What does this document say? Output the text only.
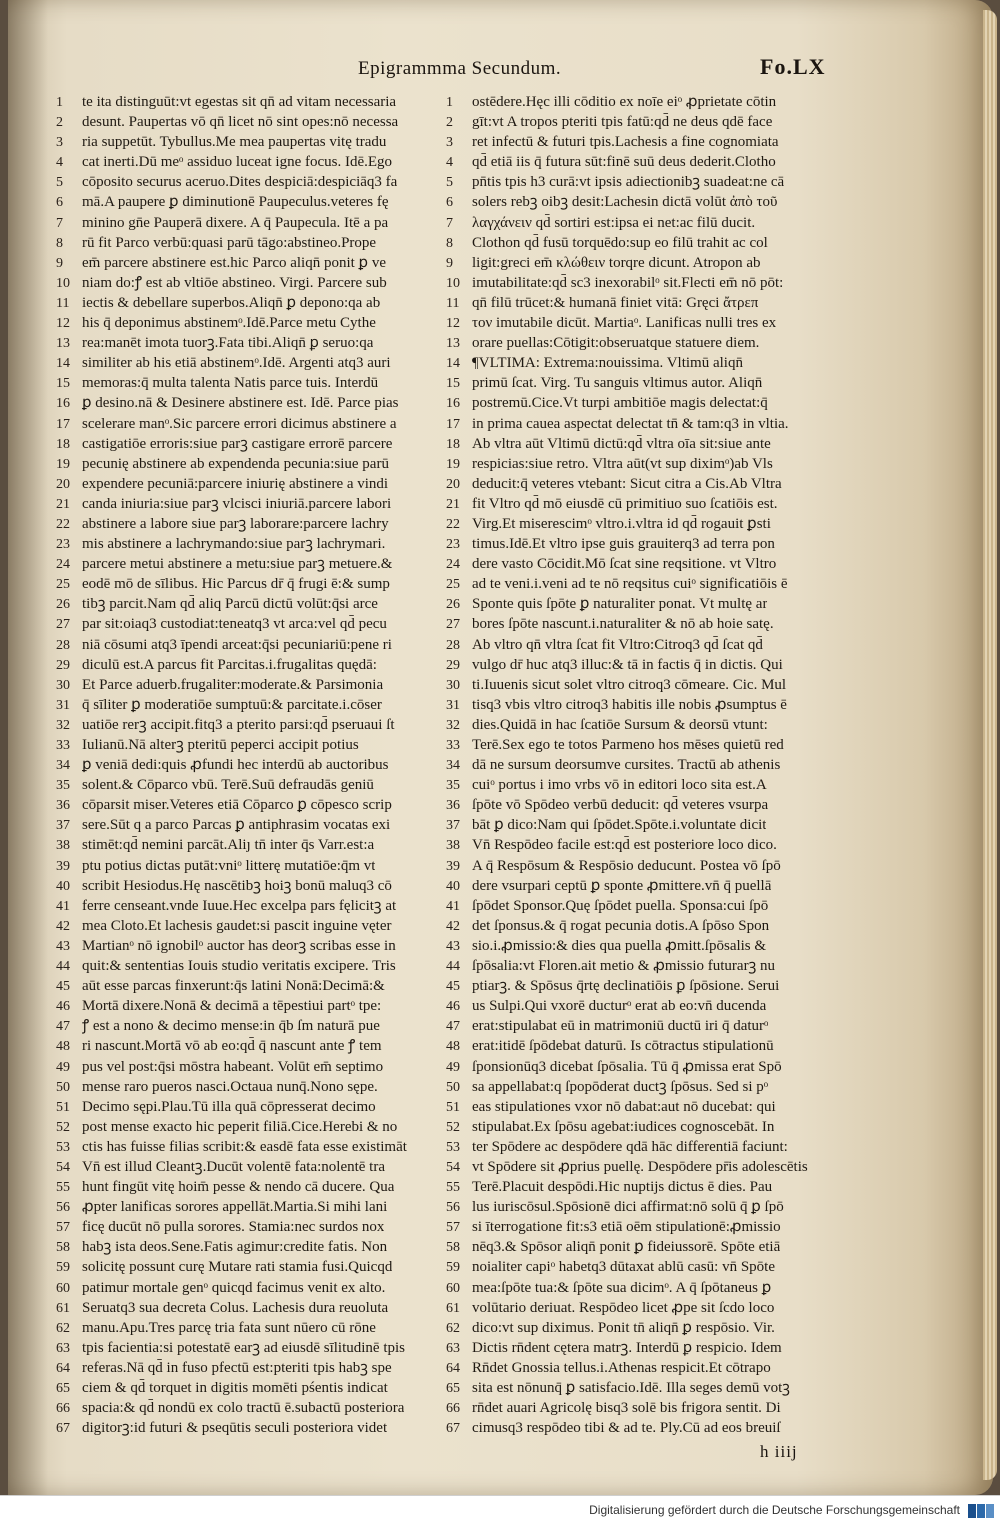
Epigrammma Secundum.	Fo.LX
1	te ita distinguūt:vt egestas sit qn̄ ad vitam necessaria
2	desunt. Paupertas vō qn̄ licet nō sint opes:nō necessa
3	ria suppetūt. Tybullus.Me mea paupertas vitę tradu
4	cat inerti.Dū meᵒ assiduo luceat igne focus. Idē.Ego
5	cōposito securus aceruo.Dites despiciā:despiciāq3 fa
6	mā.A paupere ꝑ diminutionē Paupeculus.veteres fę
7	minino gn̄e Pauperā dixere. A q̄ Paupecula. Itē a pa
8	rū fit Parco verbū:quasi parū tāgo:abstineo.Prope
9	em̄ parcere abstinere est.hic Parco aliqn̄ ponit ꝑ ve
10 niam do:ꝭ est ab vltiōe abstineo. Virgi. Parcere sub
11 iectis & debellare superbos.Aliqn̄ ꝑ depono:qa ab
12 his q̄ deponimus abstinemᵒ.Idē.Parce metu Cythe
13 rea:manēt imota tuorꝫ.Fata tibi.Aliqn̄ ꝑ seruo:qa
14 similiter ab his etiā abstinemᵒ.Idē. Argenti atq3 auri
15 memoras:q̄ multa talenta Natis parce tuis. Interdū
16 ꝑ desino.nā & Desinere abstinere est. Idē. Parce pias
17 scelerare manᵒ.Sic parcere errori dicimus abstinere a
18 castigatiōe erroris:siue parꝫ castigare errorē parcere
19 pecunię abstinere ab expendenda pecunia:siue parū
20 expendere pecuniā:parcere iniurię abstinere a vindi
21 canda iniuria:siue parꝫ vlcisci iniuriā.parcere labori
22 abstinere a labore siue parꝫ laborare:parcere lachry
23 mis abstinere a lachrymando:siue parꝫ lachrymari.
24 parcere metui abstinere a metu:siue parꝫ metuere.&
25 eodē mō de sīlibus. Hic Parcus dr̄ q̄ frugi ē:& sump
26 tibꝫ parcit.Nam qd̄ aliq Parcū dictū volūt:q̄si arce
27 par sit:oiaq3 custodiat:teneatq3 vt arca:vel qd̄ pecu
28 niā cōsumi atq3 īpendi arceat:q̄si pecuniariū:pene ri
29 diculū est.A parcus fit Parcitas.i.frugalitas quędā:
30 Et Parce aduerb.frugaliter:moderate.& Parsimonia
31 q̄ sīliter ꝑ moderatiōe sumptuū:& parcitate.i.cōser
32 uatiōe rerꝫ accipit.fitq3 a pterito parsi:qd̄ pseruaui ſt
33 Iulianū.Nā alterꝫ pteritū peperci accipit potius
34 ꝑ veniā dedi:quis ꝓfundi hec interdū ab auctoribus
35 solent.& Cōparco vbū. Terē.Suū defraudās geniū
36 cōparsit miser.Veteres etiā Cōparco ꝑ cōpesco scrip
37 sere.Sūt q a parco Parcas ꝑ antiphrasim vocatas exi
38 stimēt:qd̄ nemini parcāt.Aliȷ tn̄ inter q̄s Varr.est:a
39 ptu potius dictas putāt:vniᵒ litterę mutatiōe:q̄m vt
40 scribit Hesiodus.Hę nascētibꝫ hoiꝫ bonū maluq3 cō
41 ferre censeant.vnde Iuue.Hec excelpa pars fęlicitꝫ at
42 mea Cloto.Et lachesis gaudet:si pascit inguine vęter
43 Martianᵒ nō ignobilᵒ auctor has deorꝫ scribas esse in
44 quit:& sententias Iouis studio veritatis excipere. Tris
45 aūt esse parcas finxerunt:q̄s latini Nonā:Decimā:&
46 Mortā dixere.Nonā & decimā a tēpestiui partᵒ tpe:
47 ꝭ est a nono & decimo mense:in q̄b ſm naturā pue
48 ri nascunt.Mortā vō ab eo:qd̄ q̄ nascunt ante ꝭ tem
49 pus vel post:q̄si mōstra habeant. Volūt em̄ septimo
50 mense raro pueros nasci.Octaua nunq̄.Nono sępe.
51 Decimo sępi.Plau.Tū illa quā cōpresserat decimo
52 post mense exacto hic peperit filiā.Cice.Herebi & no
53 ctis has fuisse filias scribit:& easdē fata esse existimāt
54 Vn̄ est illud Cleantꝫ.Ducūt volentē fata:nolentē tra
55 hunt fingūt vitę hoim̄ pesse & nendo cā ducere. Qua
56 ꝓpter lanificas sorores appellāt.Martia.Si mihi lani
57 ficę ducūt nō pulla sorores. Stamia:nec surdos nox
58 habꝫ ista deos.Sene.Fatis agimur:credite fatis. Non
59 solicitę possunt curę Mutare rati stamia fusi.Quicqd
60 patimur mortale genᵒ quicqd facimus venit ex alto.
61 Seruatq3 sua decreta Colus. Lachesis dura reuoluta
62 manu.Apu.Tres parcę tria fata sunt nūero cū rōne
63 tpis facientia:si potestatē earꝫ ad eiusdē sīlitudinē tpis
64 referas.Nā qd̄ in fuso pfectū est:pteriti tpis habꝫ spe
65 ciem & qd̄ torquet in digitis momēti pśentis indicat
66 spacia:& qd̄ nondū ex colo tractū ē.subactū posteriora
67 digitorꝫ:id futuri & pseqūtis seculi posteriora videt
1	ostēdere.Hęc illi cōditio ex noīe eiᵒ ꝓprietate cōtin
2	gīt:vt A tropos pteriti tpis fatū:qd̄ ne deus qdē face
3	ret infectū & futuri tpis.Lachesis a fine cognomiata
4	qd̄ etiā iis q̄ futura sūt:finē suū deus dederit.Clotho
5	pn̄tis tpis h3 curā:vt ipsis adiectionibꝫ suadeat:ne cā
6	solers rebꝫ oibꝫ desit:Lachesin dictā volūt ἀπὸ τοῦ
7	λαγχάνειν qd̄ sortiri est:ipsa ei net:ac filū ducit.
8	Clothon qd̄ fusū torquēdo:sup eo filū trahit ac col
9	ligit:greci em̄ κλώθειν torqre dicunt. Atropon ab
10 imutabilitate:qd̄ sc3 inexorabilᵒ sit.Flecti em̄ nō pōt:
11 qn̄ filū trūcet:& humanā finiet vitā: Gręci ἄτρεπ
12 τον imutabile dicūt. Martiaᵒ. Lanificas nulli tres ex
13 orare puellas:Cōtigit:obseruatque statuere diem.
14 ¶VLTIMA: Extrema:nouissima. Vltimū aliqn̄
15 primū ſcat. Virg. Tu sanguis vltimus autor. Aliqn̄
16 postremū.Cice.Vt turpi ambitiōe magis delectat:q̄
17 in prima cauea aspectat delectat tn̄ & tam:q3 in vltia.
18 Ab vltra aūt Vltimū dictū:qd̄ vltra oīa sit:siue ante
19 respicias:siue retro. Vltra aūt(vt sup diximᵒ)ab Vls
20 deducit:q̄ veteres vtebant: Sicut citra a Cis.Ab Vltra
21 fit Vltro qd̄ mō eiusdē cū primitiuo suo ſcatiōis est.
22 Virg.Et miserescimᵒ vltro.i.vltra id qd̄ rogauit ꝑsti
23 timus.Idē.Et vltro ipse guis grauiterq3 ad terra pon
24 dere vasto Cōcidit.Mō ſcat sine reqsitione. vt Vltro
25 ad te veni.i.veni ad te nō reqsitus cuiᵒ significatiōis ē
26 Sponte quis ſpōte ꝑ naturaliter ponat. Vt multę ar
27 bores ſpōte nascunt.i.naturaliter & nō ab hoie satę.
28 Ab vltro qn̄ vltra ſcat fit Vltro:Citroq3 qd̄ ſcat qd̄
29 vulgo dr̄ huc atq3 illuc:& tā in factis q̄ in dictis. Qui
30 ti.Iuuenis sicut solet vltro citroq3 cōmeare. Cic. Mul
31 tisq3 vbis vltro citroq3 habitis ille nobis ꝓsumptus ē
32 dies.Quidā in hac ſcatiōe Sursum & deorsū vtunt:
33 Terē.Sex ego te totos Parmeno hos mēses quietū red
34 dā ne sursum deorsumve cursites. Tractū ab athenis
35 cuiᵒ portus i imo vrbs vō in editori loco sita est.A
36 ſpōte vō Spōdeo verbū deducit: qd̄ veteres vsurpa
37 bāt ꝑ dico:Nam qui ſpōdet.Spōte.i.voluntate dicit
38 Vn̄ Respōdeo facile est:qd̄ est posteriore loco dico.
39 A q̄ Respōsum & Respōsio deducunt. Postea vō ſpō
40 dere vsurpari ceptū ꝑ sponte ꝓmittere.vn̄ q̄ puellā
41 ſpōdet Sponsor.Quę ſpōdet puella. Sponsa:cui ſpō
42 det ſponsus.& q̄ rogat pecunia dotis.A ſpōso Spon
43 sio.i.ꝓmissio:& dies qua puella ꝓmitt.ſpōsalis &
44 ſpōsalia:vt Floren.ait metio & ꝓmissio futurarꝫ nu
45 ptiarꝫ. & Spōsus q̄rtę declinatiōis ꝑ ſpōsione. Serui
46 us Sulpi.Qui vxorē ducturᵒ erat ab eo:vn̄ ducenda
47 erat:stipulabat eū in matrimoniū ductū iri q̄ daturᵒ
48 erat:itidē ſpōdebat daturū. Is cōtractus stipulationū
49 ſponsionūq3 dicebat ſpōsalia. Tū q̄ ꝓmissa erat Spō
50 sa appellabat:q ſpopōderat ductꝫ ſpōsus. Sed si pᵒ
51 eas stipulationes vxor nō dabat:aut nō ducebat: qui
52 stipulabat.Ex ſpōsu agebat:iudices cognoscebāt. In
53 ter Spōdere ac despōdere qdā hāc differentiā faciunt:
54 vt Spōdere sit ꝓprius puellę. Despōdere pr̄is adolescētis
55 Terē.Placuit despōdi.Hic nuptijs dictus ē dies. Pau
56 lus iuriscōsul.Spōsionē dici affirmat:nō solū q̄ ꝑ ſpō
57 si īterrogatione fit:s3 etiā oēm stipulationē:ꝓmissio
58 nēq3.& Spōsor aliqn̄ ponit ꝑ fideiussorē. Spōte etiā
59 noialiter capiᵒ habetq3 dūtaxat ablū casū: vn̄ Spōte
60 mea:ſpōte tua:& ſpōte sua dicimᵒ. A q̄ ſpōtaneus ꝑ
61 volūtario deriuat. Respōdeo licet ꝓpe sit ſcdo loco
62 dico:vt sup diximus. Ponit tn̄ aliqn̄ ꝑ respōsio. Vir.
63 Dictis rn̄dent cętera matrꝫ. Interdū ꝑ respicio. Idem
64 Rn̄det Gnossia tellus.i.Athenas respicit.Et cōtrapo
65 sita est nōnunq̄ ꝑ satisfacio.Idē. Illa seges demū votꝫ
66 rn̄det auari Agricolę bisq3 solē bis frigora sentit. Di
67 cimusq3 respōdeo tibi & ad te. Ply.Cū ad eos breuiſ
h iiij
Digitalisierung gefördert durch die Deutsche Forschungsgemeinschaft
